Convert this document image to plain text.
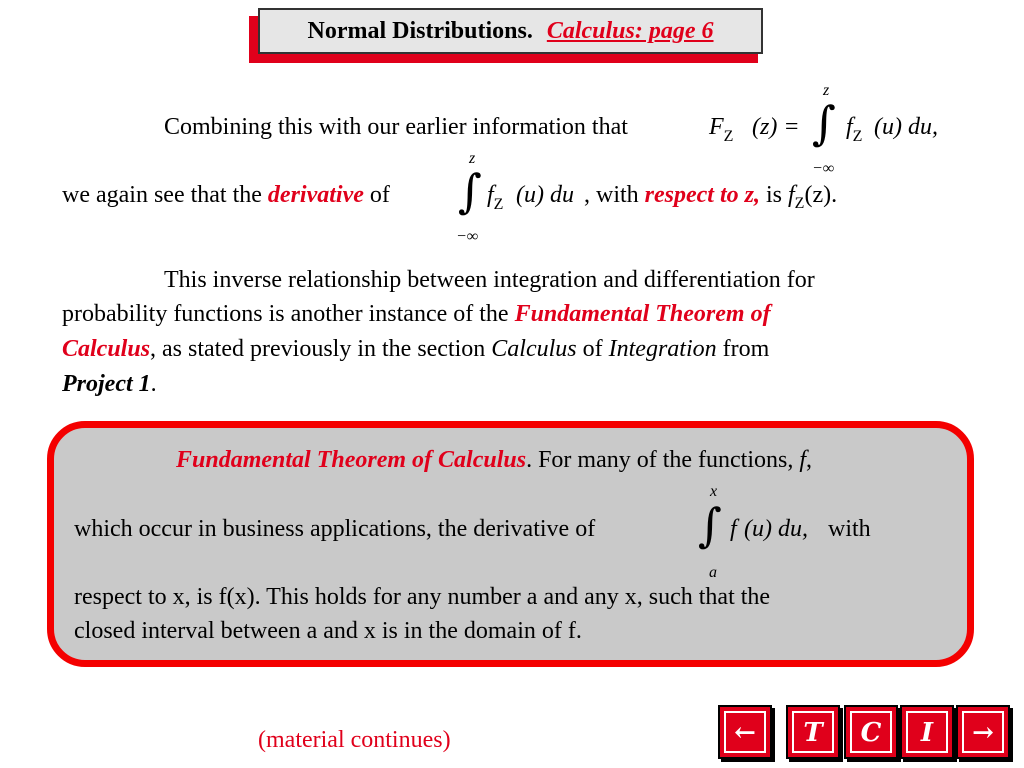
Normal Distributions. Calculus: page 6
Combining this with our earlier information that	$F_Z$ (z) =
z
∫
−∞
$f_Z$ (u) du,
we again see that the derivative of
z
∫
−∞
$f_Z$ (u) du , with respect to z, is $f_Z(z)$.
This inverse relationship between integration and differentiation for
probability functions is another instance of the Fundamental Theorem of
Calculus, as stated previously in the section Calculus of Integration from
Project 1.
Fundamental Theorem of Calculus. For many of the functions, f,
which occur in business applications, the derivative of
x
∫
a
f (u) du, with
respect to x, is f(x). This holds for any number a and any x, such that the
closed interval between a and x is in the domain of f.
(material continues)	←	T	C	I	→
